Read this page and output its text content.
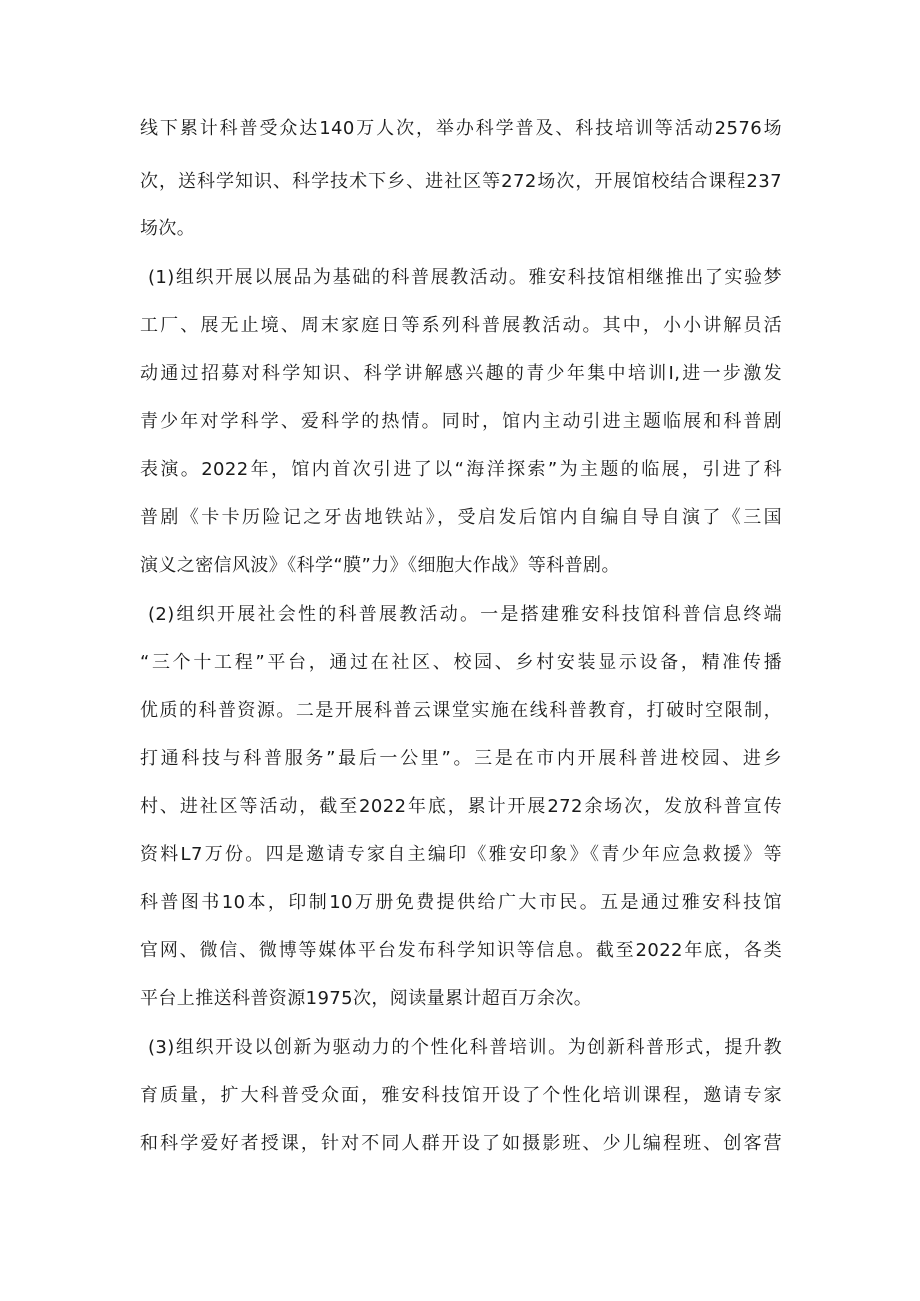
线下累计科普受众达140万人次，举办科学普及、科技培训等活动2576场
次，送科学知识、科学技术下乡、进社区等272场次，开展馆校结合课程237
场次。
(1)组织开展以展品为基础的科普展教活动。雅安科技馆相继推出了实验梦
工厂、展无止境、周末家庭日等系列科普展教活动。其中，小小讲解员活
动通过招募对科学知识、科学讲解感兴趣的青少年集中培训I,进一步激发
青少年对学科学、爱科学的热情。同时，馆内主动引进主题临展和科普剧
表演。2022年，馆内首次引进了以“海洋探索”为主题的临展，引进了科
普剧《卡卡历险记之牙齿地铁站》，受启发后馆内自编自导自演了《三国
演义之密信风波》《科学“膜”力》《细胞大作战》等科普剧。
(2)组织开展社会性的科普展教活动。一是搭建雅安科技馆科普信息终端
“三个十工程”平台，通过在社区、校园、乡村安装显示设备，精准传播
优质的科普资源。二是开展科普云课堂实施在线科普教育，打破时空限制，
打通科技与科普服务”最后一公里”。三是在市内开展科普进校园、进乡
村、进社区等活动，截至2022年底，累计开展272余场次，发放科普宣传
资料L7万份。四是邀请专家自主编印《雅安印象》《青少年应急救援》等
科普图书10本，印制10万册免费提供给广大市民。五是通过雅安科技馆
官网、微信、微博等媒体平台发布科学知识等信息。截至2022年底，各类
平台上推送科普资源1975次，阅读量累计超百万余次。
(3)组织开设以创新为驱动力的个性化科普培训。为创新科普形式，提升教
育质量，扩大科普受众面，雅安科技馆开设了个性化培训课程，邀请专家
和科学爱好者授课，针对不同人群开设了如摄影班、少儿编程班、创客营
